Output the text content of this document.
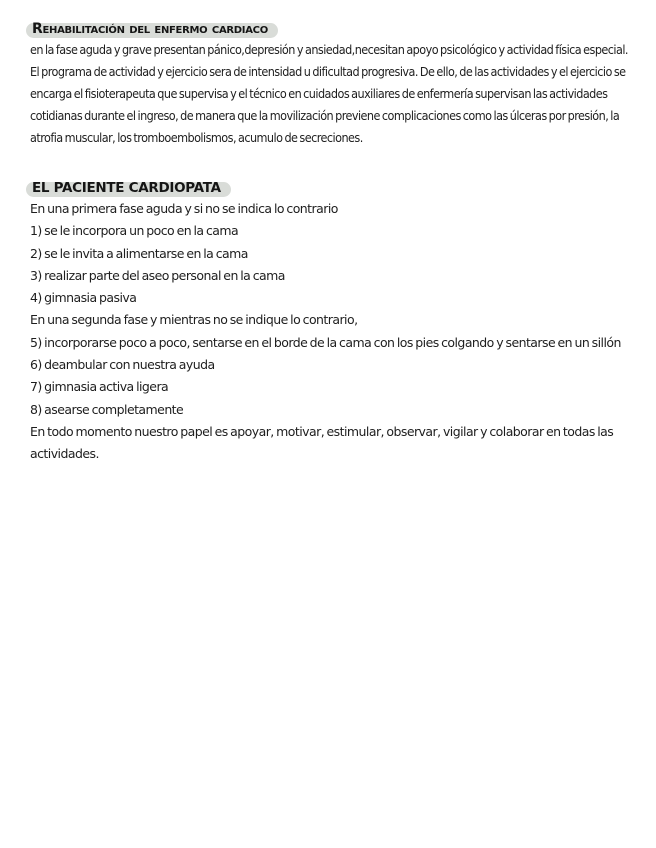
Rehabilitación del enfermo cardiaco

en la fase aguda y grave presentan pánico,depresión y ansiedad,necesitan apoyo psicológico y actividad física especial.

El programa de actividad y ejercicio sera de intensidad u dificultad progresiva. De ello, de las actividades y el ejercicio se encarga el fisioterapeuta que supervisa y el técnico en cuidados auxiliares de enfermería supervisan las actividades cotidianas durante el ingreso, de manera que la movilización previene complicaciones como las úlceras por presión, la atrofia muscular, los tromboembolismos, acumulo de secreciones.

EL PACIENTE CARDIOPATA

En una primera fase aguda y si no se indica lo contrario

1) se le incorpora un poco en la cama

2) se le invita a alimentarse en la cama

3) realizar parte del aseo personal en la cama

4) gimnasia pasiva

En una segunda fase y mientras no se indique lo contrario,

5) incorporarse poco a poco, sentarse en el borde de la cama con los pies colgando y sentarse en un sillón

6) deambular con nuestra ayuda

7) gimnasia activa ligera

8) asearse completamente

En todo momento nuestro papel es apoyar, motivar, estimular, observar, vigilar y colaborar en todas las actividades.
